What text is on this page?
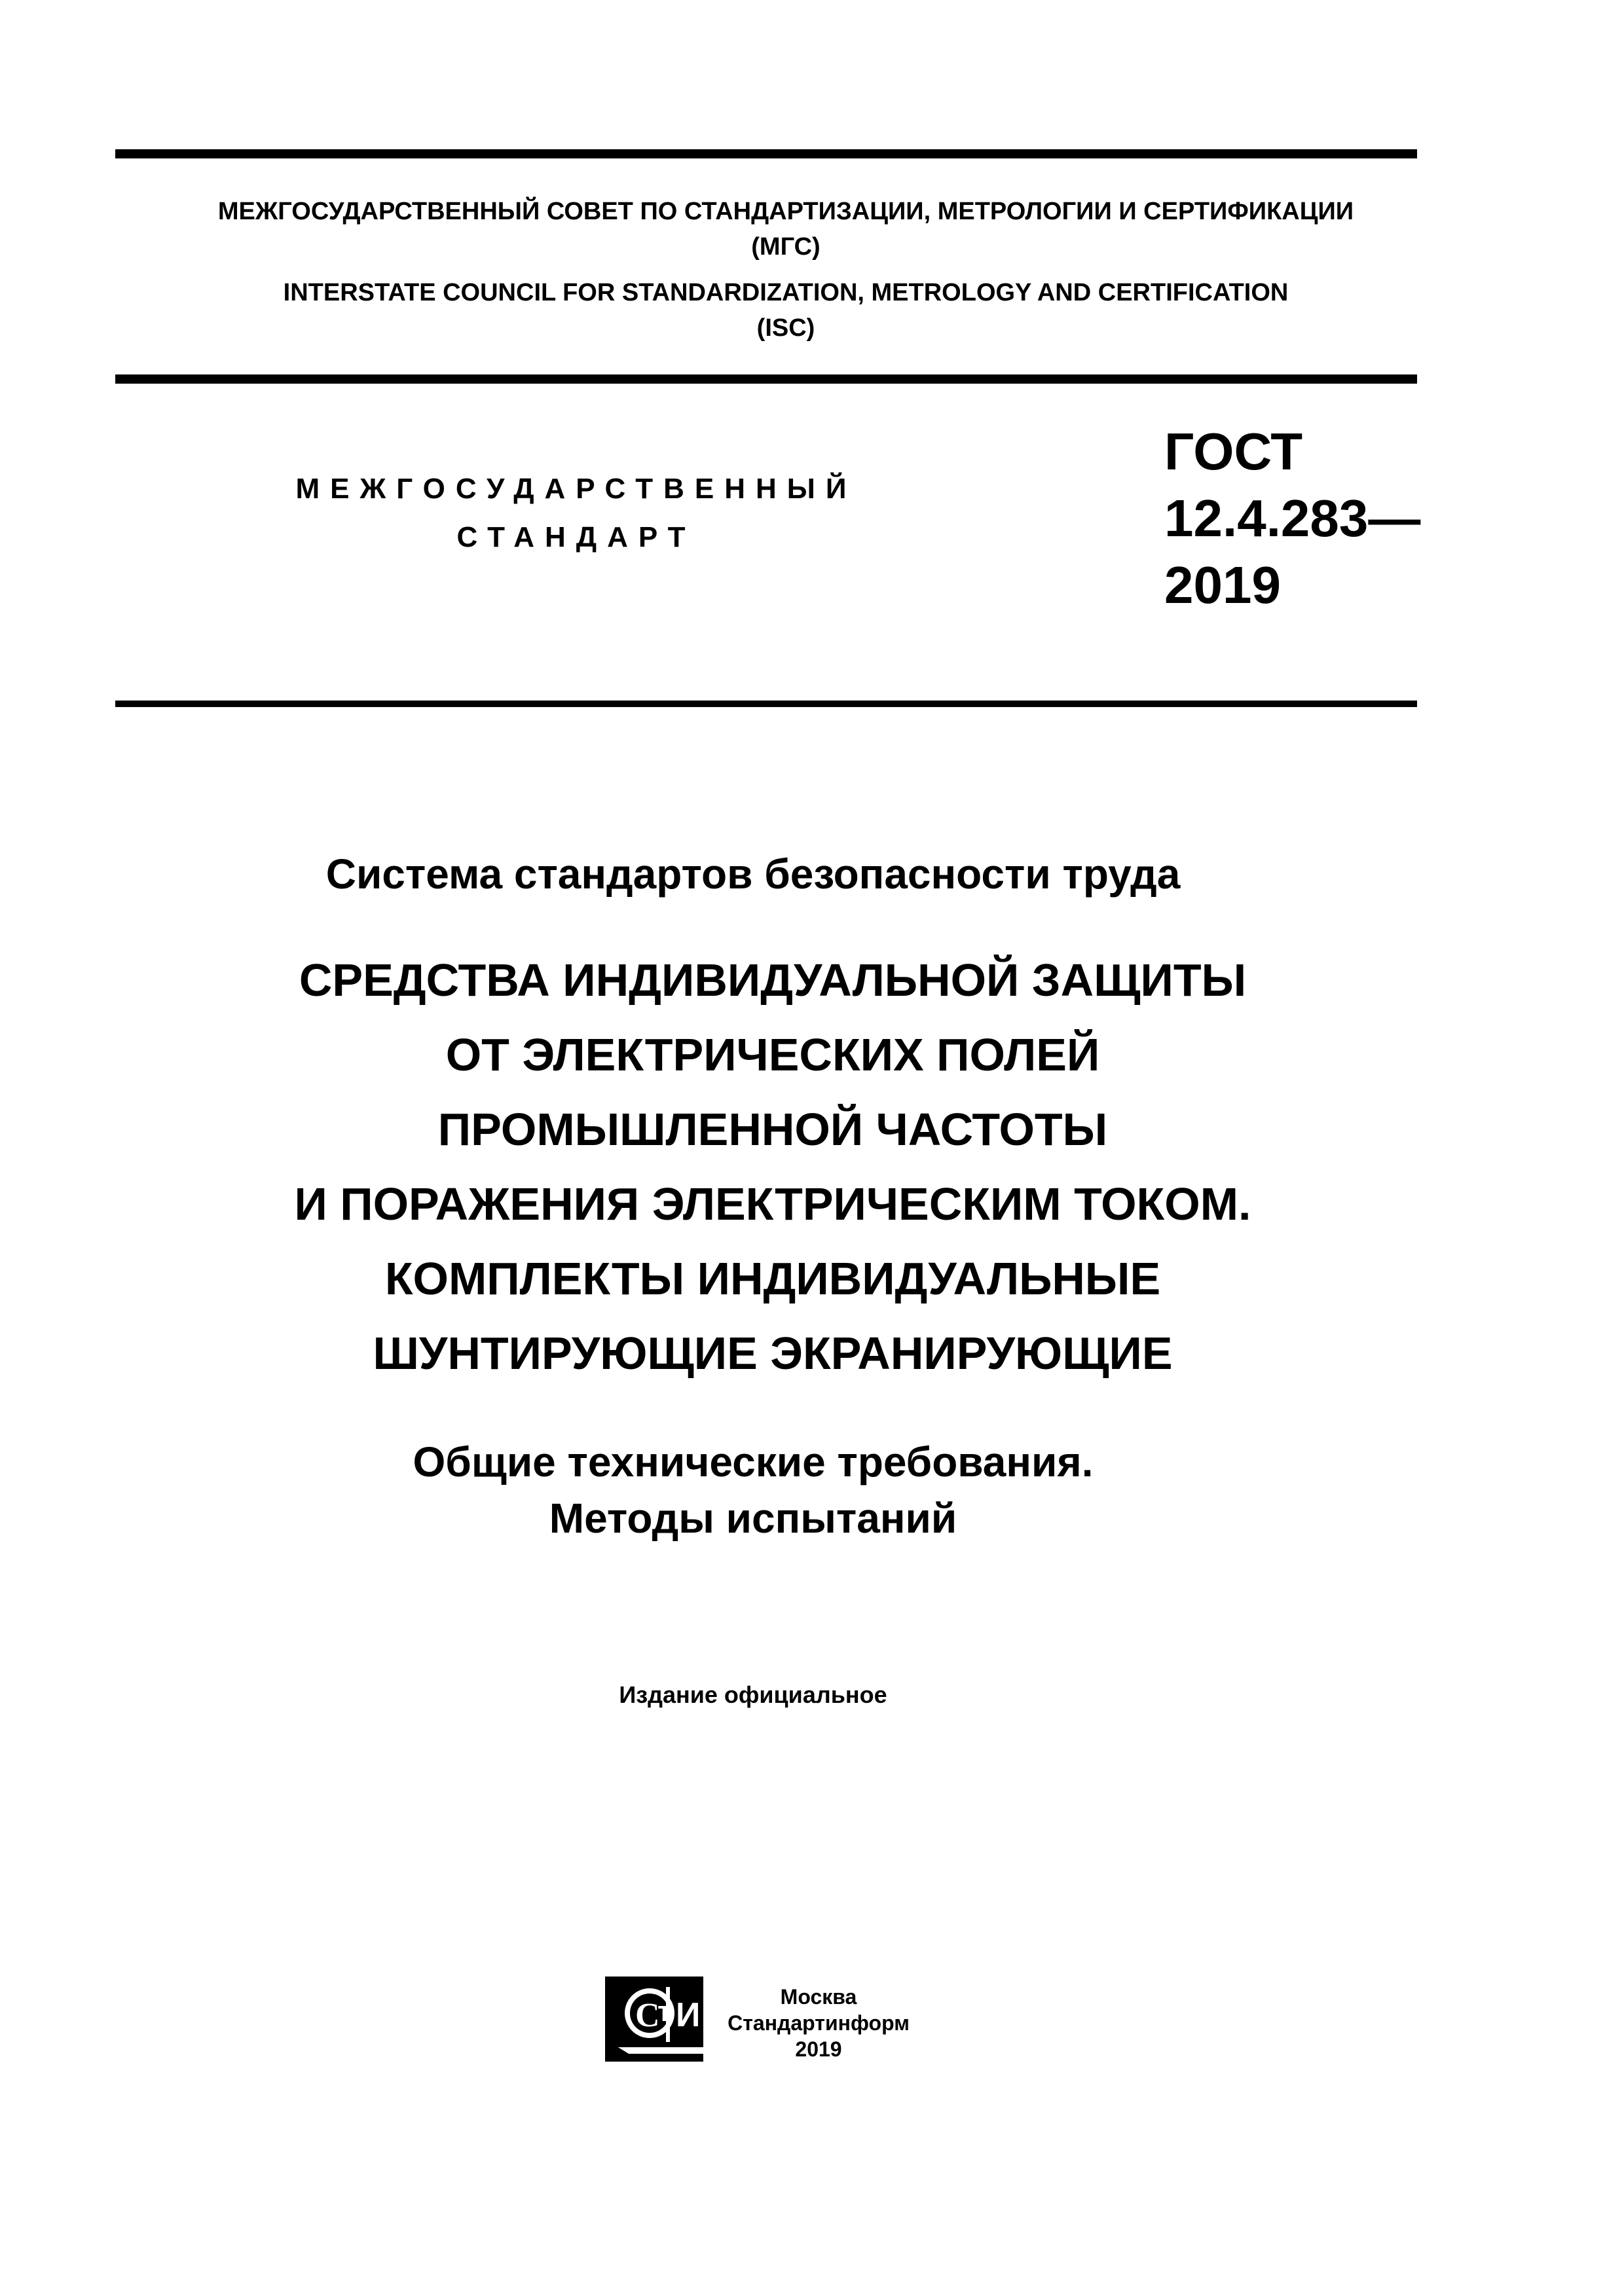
МЕЖГОСУДАРСТВЕННЫЙ СОВЕТ ПО СТАНДАРТИЗАЦИИ, МЕТРОЛОГИИ И СЕРТИФИКАЦИИ
(МГС)
INTERSTATE COUNCIL FOR STANDARDIZATION, METROLOGY AND CERTIFICATION
(ISC)
МЕЖГОСУДАРСТВЕННЫЙ
СТАНДАРТ
ГОСТ
12.4.283—
2019
Система стандартов безопасности труда
СРЕДСТВА ИНДИВИДУАЛЬНОЙ ЗАЩИТЫ
ОТ ЭЛЕКТРИЧЕСКИХ ПОЛЕЙ
ПРОМЫШЛЕННОЙ ЧАСТОТЫ
И ПОРАЖЕНИЯ ЭЛЕКТРИЧЕСКИМ ТОКОМ.
КОМПЛЕКТЫ ИНДИВИДУАЛЬНЫЕ
ШУНТИРУЮЩИЕ ЭКРАНИРУЮЩИЕ
Общие технические требования.
Методы испытаний
Издание официальное
С
т И	Москва
Стандартинформ
2019
